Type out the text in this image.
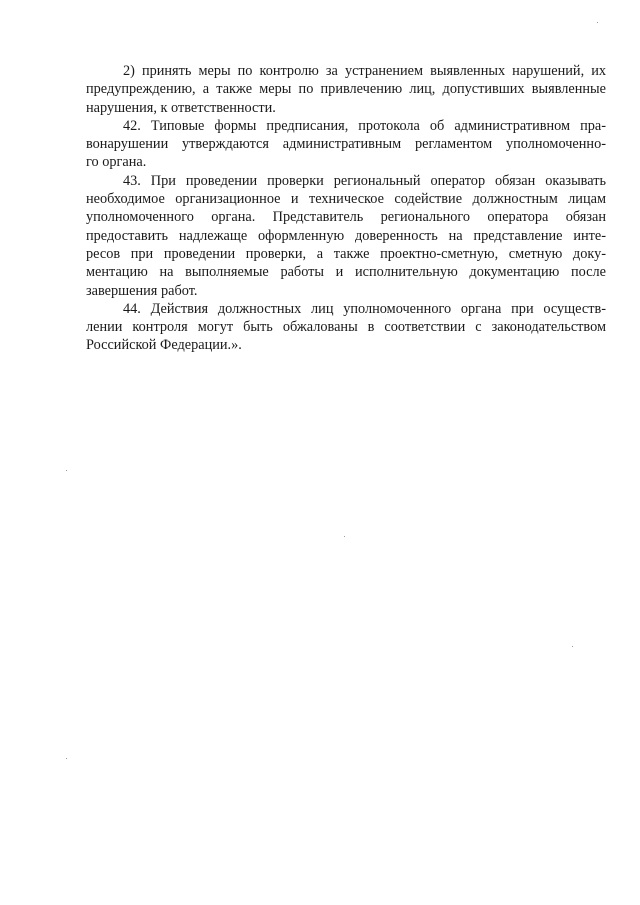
2) принять меры по контролю за устранением выявленных нарушений, их
предупреждению, а также меры по привлечению лиц, допустивших выявленные
нарушения, к ответственности.
42. Типовые формы предписания, протокола об административном пра-
вонарушении утверждаются административным регламентом уполномоченно-
го органа.
43. При проведении проверки региональный оператор обязан оказывать
необходимое организационное и техническое содействие должностным лицам
уполномоченного органа. Представитель регионального оператора обязан
предоставить надлежаще оформленную доверенность на представление инте-
ресов при проведении проверки, а также проектно-сметную, сметную доку-
ментацию на выполняемые работы и исполнительную документацию после
завершения работ.
44. Действия должностных лиц уполномоченного органа при осуществ-
лении контроля могут быть обжалованы в соответствии с законодательством
Российской Федерации.».
